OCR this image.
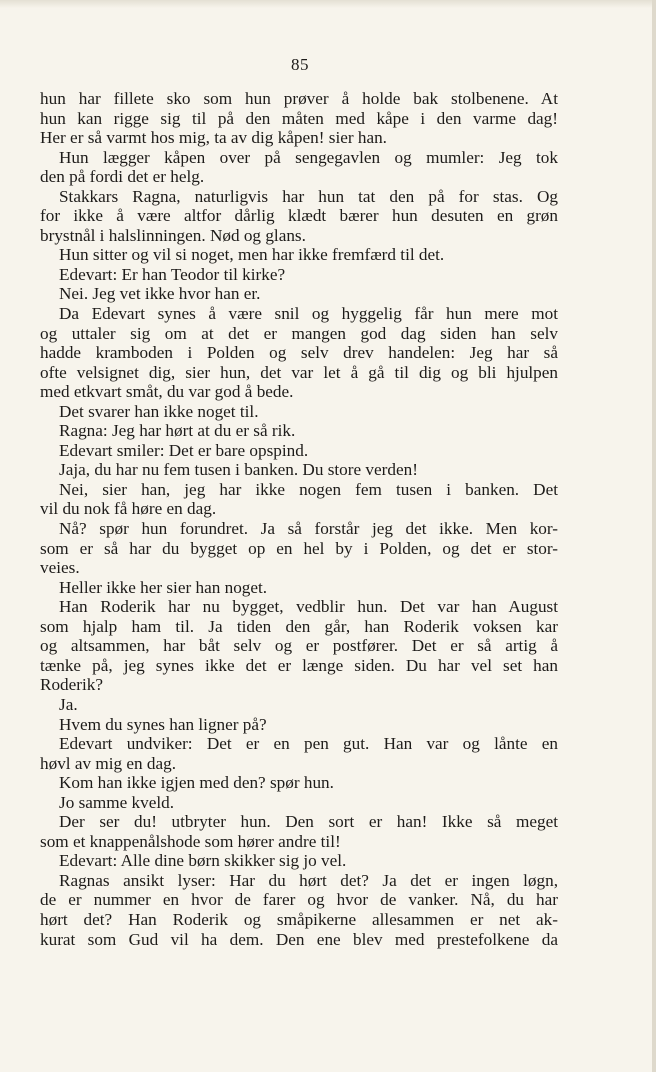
85
hun har fillete sko som hun prøver å holde bak stolbenene. At
hun kan rigge sig til på den måten med kåpe i den varme dag!
Her er så varmt hos mig, ta av dig kåpen! sier han.
Hun lægger kåpen over på sengegavlen og mumler: Jeg tok
den på fordi det er helg.
Stakkars Ragna, naturligvis har hun tat den på for stas. Og
for ikke å være altfor dårlig klædt bærer hun desuten en grøn
brystnål i halslinningen. Nød og glans.
Hun sitter og vil si noget, men har ikke fremfærd til det.
Edevart: Er han Teodor til kirke?
Nei. Jeg vet ikke hvor han er.
Da Edevart synes å være snil og hyggelig får hun mere mot
og uttaler sig om at det er mangen god dag siden han selv
hadde kramboden i Polden og selv drev handelen: Jeg har så
ofte velsignet dig, sier hun, det var let å gå til dig og bli hjulpen
med etkvart småt, du var god å bede.
Det svarer han ikke noget til.
Ragna: Jeg har hørt at du er så rik.
Edevart smiler: Det er bare opspind.
Jaja, du har nu fem tusen i banken. Du store verden!
Nei, sier han, jeg har ikke nogen fem tusen i banken. Det
vil du nok få høre en dag.
Nå? spør hun forundret. Ja så forstår jeg det ikke. Men kor-
som er så har du bygget op en hel by i Polden, og det er stor-
veies.
Heller ikke her sier han noget.
Han Roderik har nu bygget, vedblir hun. Det var han August
som hjalp ham til. Ja tiden den går, han Roderik voksen kar
og altsammen, har båt selv og er postfører. Det er så artig å
tænke på, jeg synes ikke det er længe siden. Du har vel set han
Roderik?
Ja.
Hvem du synes han ligner på?
Edevart undviker: Det er en pen gut. Han var og lånte en
høvl av mig en dag.
Kom han ikke igjen med den? spør hun.
Jo samme kveld.
Der ser du! utbryter hun. Den sort er han! Ikke så meget
som et knappenålshode som hører andre til!
Edevart: Alle dine børn skikker sig jo vel.
Ragnas ansikt lyser: Har du hørt det? Ja det er ingen løgn,
de er nummer en hvor de farer og hvor de vanker. Nå, du har
hørt det? Han Roderik og småpikerne allesammen er net ak-
kurat som Gud vil ha dem. Den ene blev med prestefolkene da
